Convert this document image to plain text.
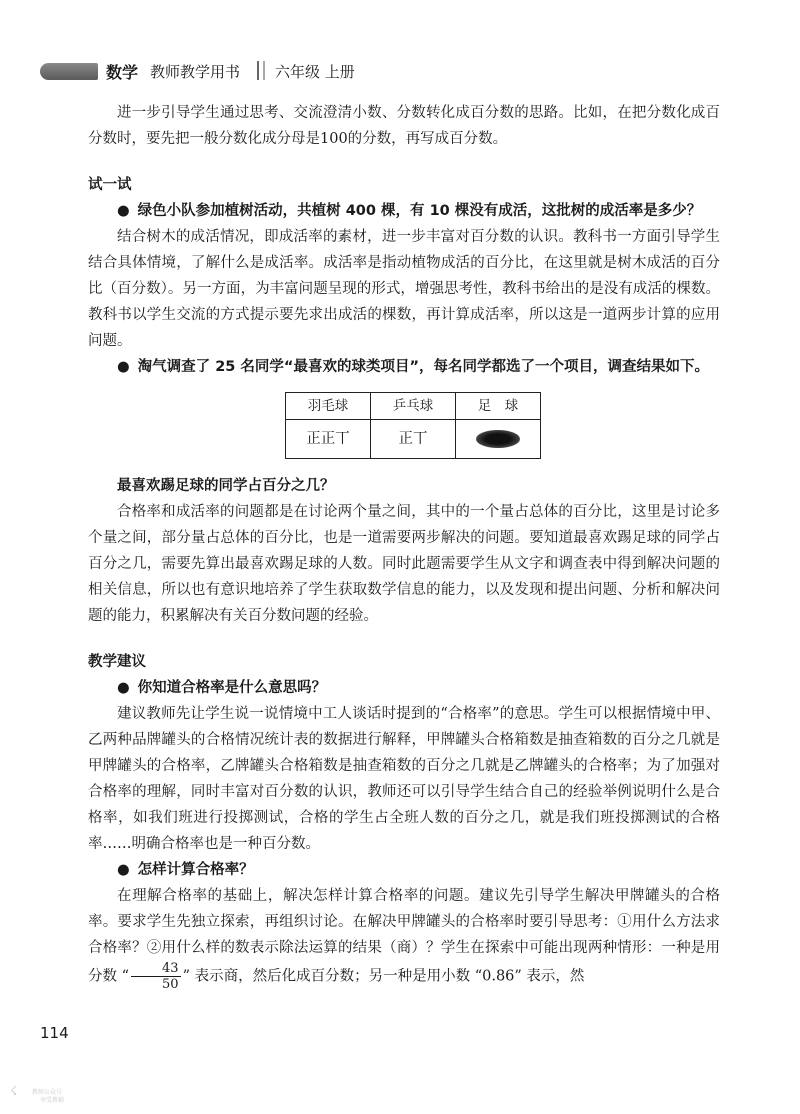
数学 教师教学用书 六年级 上册

进一步引导学生通过思考、交流澄清小数、分数转化成百分数的思路。比如，在把分数化成百分数时，要先把一般分数化成分母是100的分数，再写成百分数。

试一试

● 绿色小队参加植树活动，共植树 400 棵，有 10 棵没有成活，这批树的成活率是多少？

结合树木的成活情况，即成活率的素材，进一步丰富对百分数的认识。教科书一方面引导学生结合具体情境，了解什么是成活率。成活率是指动植物成活的百分比，在这里就是树木成活的百分比（百分数）。另一方面，为丰富问题呈现的形式，增强思考性，教科书给出的是没有成活的棵数。教科书以学生交流的方式提示要先求出成活的棵数，再计算成活率，所以这是一道两步计算的应用问题。

● 淘气调查了 25 名同学“最喜欢的球类项目”，每名同学都选了一个项目，调查结果如下。

羽毛球	乒乓球	足　球
正正丅	正丅	

最喜欢踢足球的同学占百分之几？

合格率和成活率的问题都是在讨论两个量之间，其中的一个量占总体的百分比，这里是讨论多个量之间，部分量占总体的百分比，也是一道需要两步解决的问题。要知道最喜欢踢足球的同学占百分之几，需要先算出最喜欢踢足球的人数。同时此题需要学生从文字和调查表中得到解决问题的相关信息，所以也有意识地培养了学生获取数学信息的能力，以及发现和提出问题、分析和解决问题的能力，积累解决有关百分数问题的经验。

教学建议

● 你知道合格率是什么意思吗？

建议教师先让学生说一说情境中工人谈话时提到的“合格率”的意思。学生可以根据情境中甲、乙两种品牌罐头的合格情况统计表的数据进行解释，甲牌罐头合格箱数是抽查箱数的百分之几就是甲牌罐头的合格率，乙牌罐头合格箱数是抽查箱数的百分之几就是乙牌罐头的合格率；为了加强对合格率的理解，同时丰富对百分数的认识，教师还可以引导学生结合自己的经验举例说明什么是合格率，如我们班进行投掷测试，合格的学生占全班人数的百分之几，就是我们班投掷测试的合格率……明确合格率也是一种百分数。

● 怎样计算合格率？

在理解合格率的基础上，解决怎样计算合格率的问题。建议先引导学生解决甲牌罐头的合格率。要求学生先独立探索，再组织讨论。在解决甲牌罐头的合格率时要引导思考：①用什么方法求合格率？②用什么样的数表示除法运算的结果（商）？学生在探索中可能出现两种情形：一种是用分数 “ $\frac{43}{50}$ ” 表示商，然后化成百分数；另一种是用小数 “0.86” 表示，然

114
☇ 教师公众号
享受教辅
